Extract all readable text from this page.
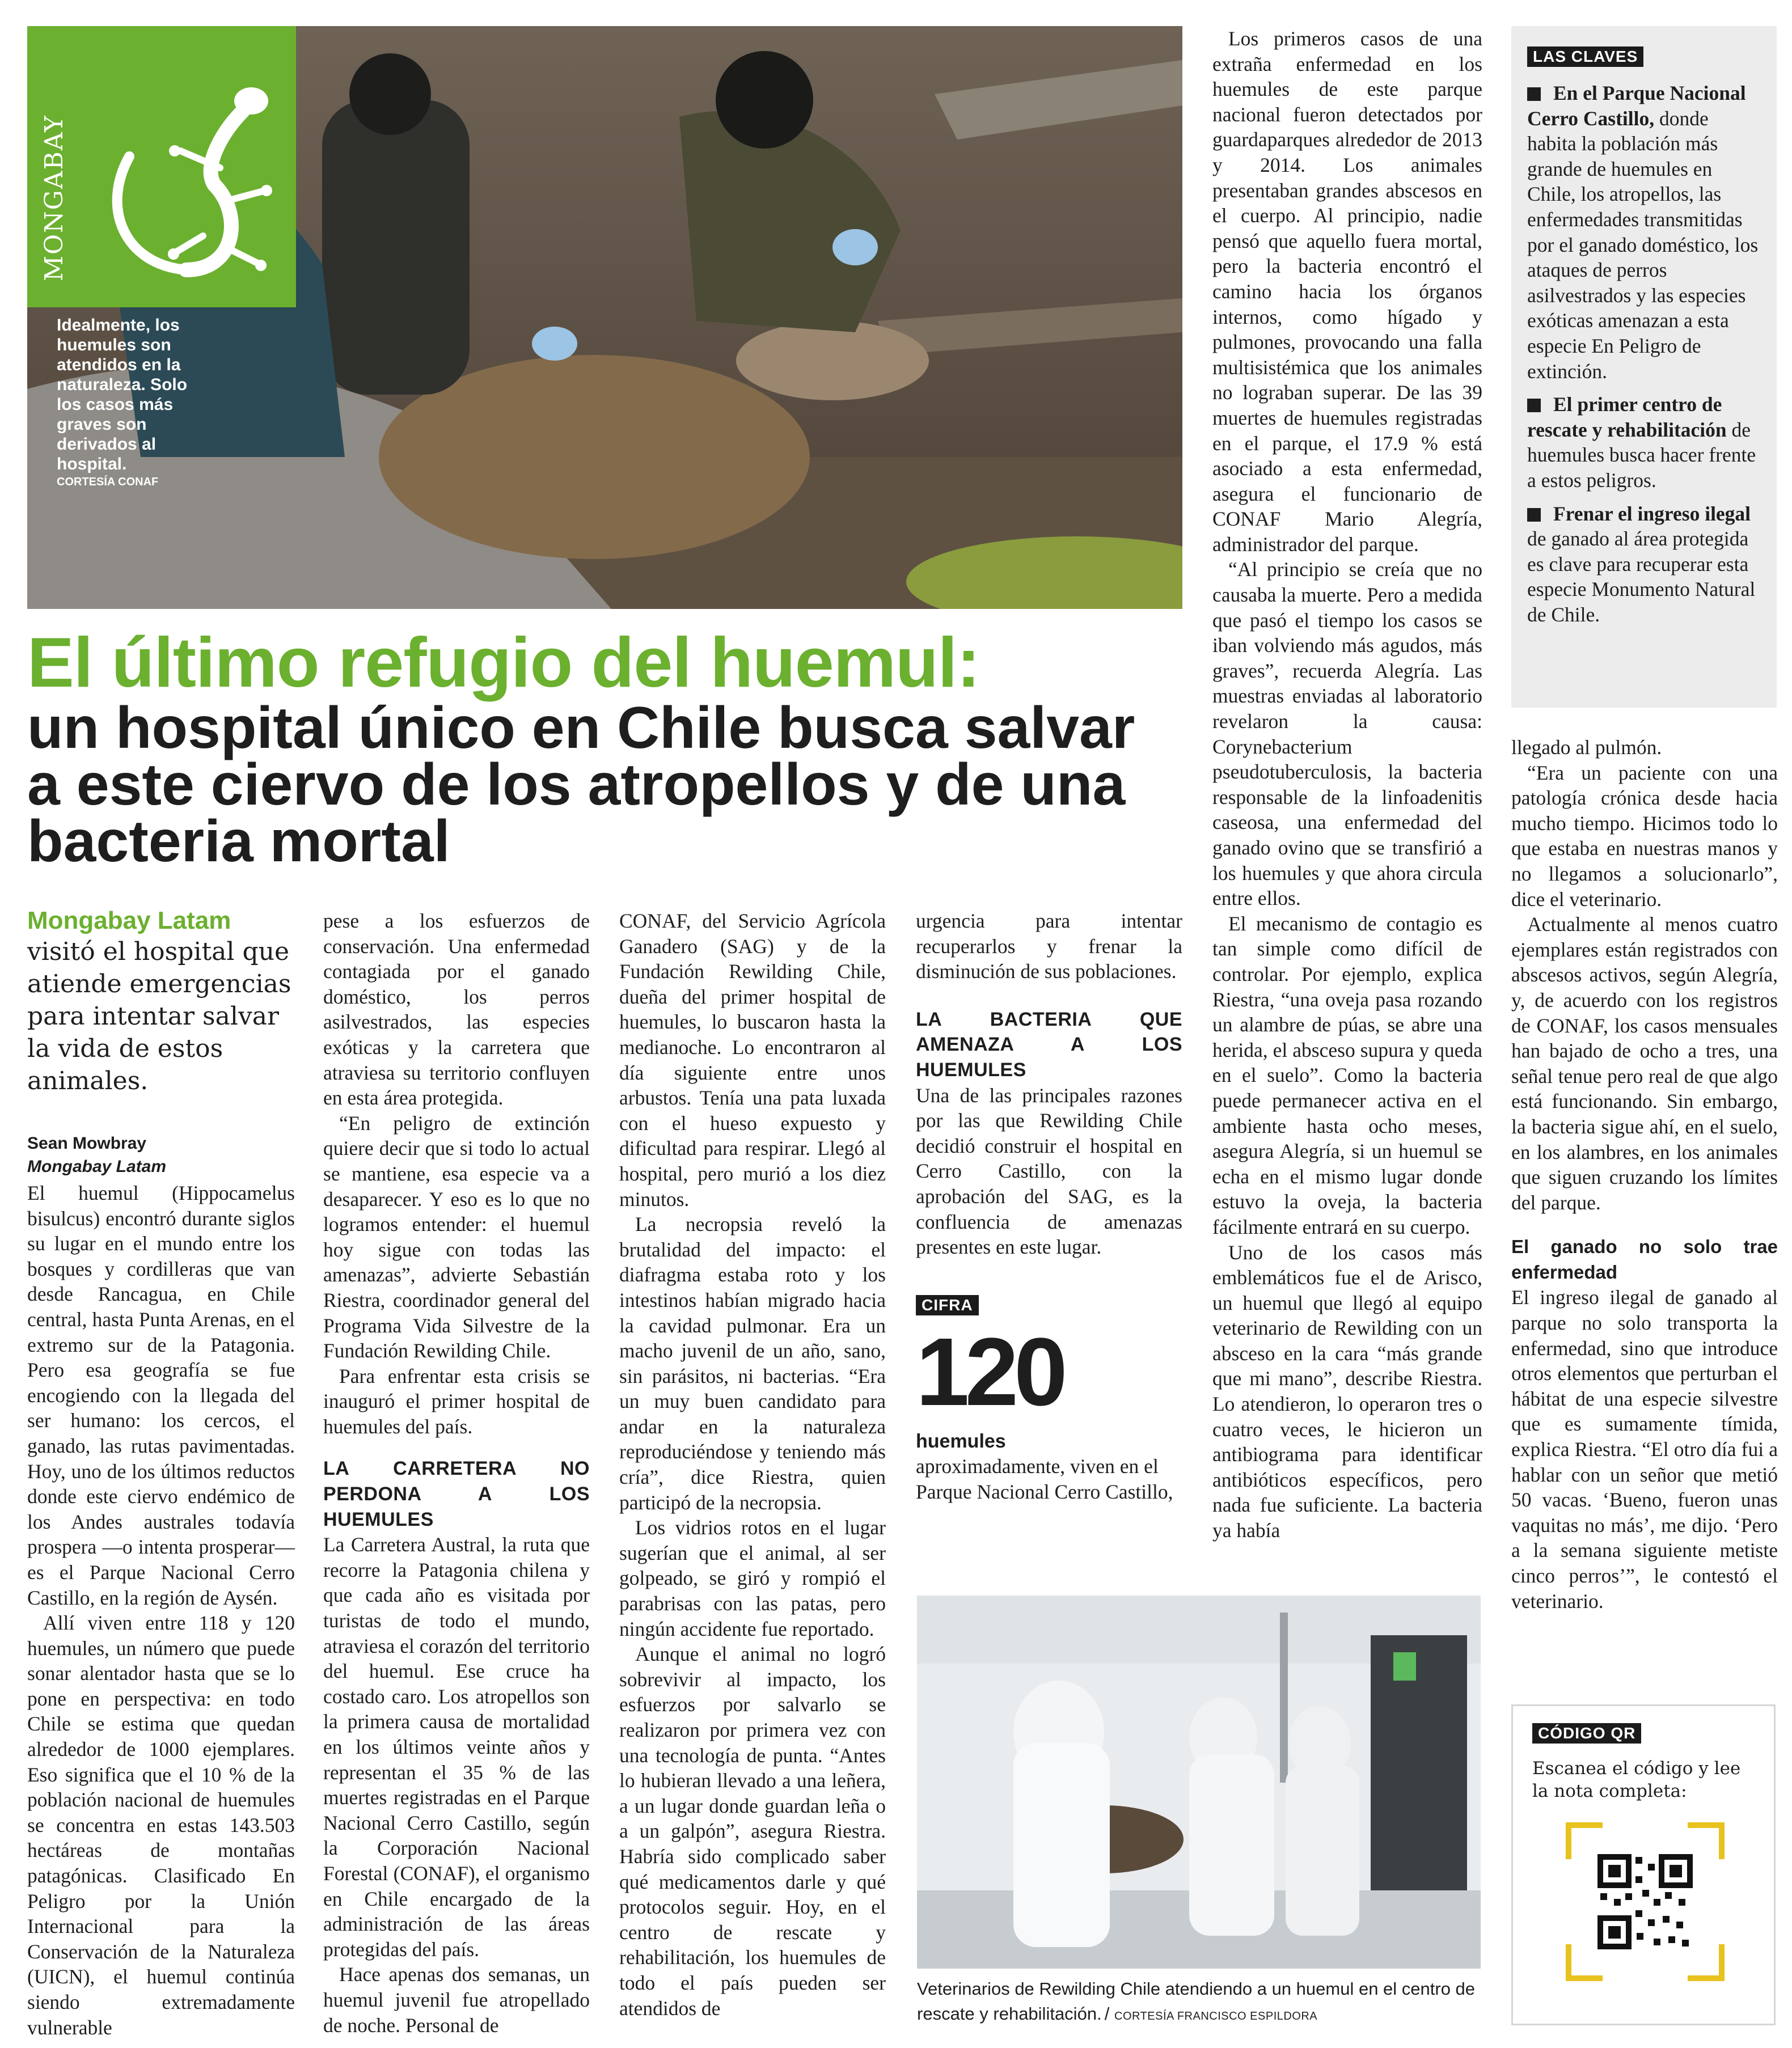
MONGABAY
Idealmente, los huemules son atendidos en la naturaleza. Solo los casos más graves son derivados al hospital.
CORTESÍA CONAF
El último refugio del huemul:
un hospital único en Chile busca salvar a este ciervo de los atropellos y de una bacteria mortal
Mongabay Latam
visitó el hospital que atiende emergencias para intentar salvar la vida de estos animales.
Sean Mowbray
Mongabay Latam

El huemul (Hippocamelus bisulcus) encontró durante siglos su lugar en el mundo entre los bosques y cordilleras que van desde Rancagua, en Chile central, hasta Punta Arenas, en el extremo sur de la Patagonia. Pero esa geografía se fue encogiendo con la llegada del ser humano: los cercos, el ganado, las rutas pavimentadas. Hoy, uno de los últimos reductos donde este ciervo endémico de los Andes australes todavía prospera —o intenta prosperar— es el Parque Nacional Cerro Castillo, en la región de Aysén.

Allí viven entre 118 y 120 huemules, un número que puede sonar alentador hasta que se lo pone en perspectiva: en todo Chile se estima que quedan alrededor de 1000 ejemplares. Eso significa que el 10 % de la población nacional de huemules se concentra en estas 143.503 hectáreas de montañas patagónicas. Clasificado En Peligro por la Unión Internacional para la Conservación de la Naturaleza (UICN), el huemul continúa siendo extremadamente vulnerable

pese a los esfuerzos de conservación. Una enfermedad contagiada por el ganado doméstico, los perros asilvestrados, las especies exóticas y la carretera que atraviesa su territorio confluyen en esta área protegida.

“En peligro de extinción quiere decir que si todo lo actual se mantiene, esa especie va a desaparecer. Y eso es lo que no logramos entender: el huemul hoy sigue con todas las amenazas”, advierte Sebastián Riestra, coordinador general del Programa Vida Silvestre de la Fundación Rewilding Chile.

Para enfrentar esta crisis se inauguró el primer hospital de huemules del país.

LA CARRETERA NO PERDONA A LOS HUEMULES

La Carretera Austral, la ruta que recorre la Patagonia chilena y que cada año es visitada por turistas de todo el mundo, atraviesa el corazón del territorio del huemul. Ese cruce ha costado caro. Los atropellos son la primera causa de mortalidad en los últimos veinte años y representan el 35 % de las muertes registradas en el Parque Nacional Cerro Castillo, según la Corporación Nacional Forestal (CONAF), el organismo en Chile encargado de la administración de las áreas protegidas del país.

Hace apenas dos semanas, un huemul juvenil fue atropellado de noche. Personal de

CONAF, del Servicio Agrícola Ganadero (SAG) y de la Fundación Rewilding Chile, dueña del primer hospital de huemules, lo buscaron hasta la medianoche. Lo encontraron al día siguiente entre unos arbustos. Tenía una pata luxada con el hueso expuesto y dificultad para respirar. Llegó al hospital, pero murió a los diez minutos.

La necropsia reveló la brutalidad del impacto: el diafragma estaba roto y los intestinos habían migrado hacia la cavidad pulmonar. Era un macho juvenil de un año, sano, sin parásitos, ni bacterias. “Era un muy buen candidato para andar en la naturaleza reproduciéndose y teniendo más cría”, dice Riestra, quien participó de la necropsia.

Los vidrios rotos en el lugar sugerían que el animal, al ser golpeado, se giró y rompió el parabrisas con las patas, pero ningún accidente fue reportado.

Aunque el animal no logró sobrevivir al impacto, los esfuerzos por salvarlo se realizaron por primera vez con una tecnología de punta. “Antes lo hubieran llevado a una leñera, a un lugar donde guardan leña o a un galpón”, asegura Riestra. Habría sido complicado saber qué medicamentos darle y qué protocolos seguir. Hoy, en el centro de rescate y rehabilitación, los huemules de todo el país pueden ser atendidos de

urgencia para intentar recuperarlos y frenar la disminución de sus poblaciones.

LA BACTERIA QUE AMENAZA A LOS HUEMULES

Una de las principales razones por las que Rewilding Chile decidió construir el hospital en Cerro Castillo, con la aprobación del SAG, es la confluencia de amenazas presentes en este lugar.

CIFRA
120
huemules
aproximadamente, viven en el Parque Nacional Cerro Castillo,
Veterinarios de Rewilding Chile atendiendo a un huemul en el centro de rescate y rehabilitación. / CORTESÍA FRANCISCO ESPILDORA

Los primeros casos de una extraña enfermedad en los huemules de este parque nacional fueron detectados por guardaparques alrededor de 2013 y 2014. Los animales presentaban grandes abscesos en el cuerpo. Al principio, nadie pensó que aquello fuera mortal, pero la bacteria encontró el camino hacia los órganos internos, como hígado y pulmones, provocando una falla multisistémica que los animales no lograban superar. De las 39 muertes de huemules registradas en el parque, el 17.9 % está asociado a esta enfermedad, asegura el funcionario de CONAF Mario Alegría, administrador del parque.

“Al principio se creía que no causaba la muerte. Pero a medida que pasó el tiempo los casos se iban volviendo más agudos, más graves”, recuerda Alegría. Las muestras enviadas al laboratorio revelaron la causa: Corynebacterium pseudotuberculosis, la bacteria responsable de la linfoadenitis caseosa, una enfermedad del ganado ovino que se transfirió a los huemules y que ahora circula entre ellos.

El mecanismo de contagio es tan simple como difícil de controlar. Por ejemplo, explica Riestra, “una oveja pasa rozando un alambre de púas, se abre una herida, el absceso supura y queda en el suelo”. Como la bacteria puede permanecer activa en el ambiente hasta ocho meses, asegura Alegría, si un huemul se echa en el mismo lugar donde estuvo la oveja, la bacteria fácilmente entrará en su cuerpo.

Uno de los casos más emblemáticos fue el de Arisco, un huemul que llegó al equipo veterinario de Rewilding con un absceso en la cara “más grande que mi mano”, describe Riestra. Lo atendieron, lo operaron tres o cuatro veces, le hicieron un antibiograma para identificar antibióticos específicos, pero nada fue suficiente. La bacteria ya había

LAS CLAVES
En el Parque Nacional Cerro Castillo, donde habita la población más grande de huemules en Chile, los atropellos, las enfermedades transmitidas por el ganado doméstico, los ataques de perros asilvestrados y las especies exóticas amenazan a esta especie En Peligro de extinción.
El primer centro de rescate y rehabilitación de huemules busca hacer frente a estos peligros.
Frenar el ingreso ilegal de ganado al área protegida es clave para recuperar esta especie Monumento Natural de Chile.

llegado al pulmón.

“Era un paciente con una patología crónica desde hacia mucho tiempo. Hicimos todo lo que estaba en nuestras manos y no llegamos a solucionarlo”, dice el veterinario.

Actualmente al menos cuatro ejemplares están registrados con abscesos activos, según Alegría, y, de acuerdo con los registros de CONAF, los casos mensuales han bajado de ocho a tres, una señal tenue pero real de que algo está funcionando. Sin embargo, la bacteria sigue ahí, en el suelo, en los alambres, en los animales que siguen cruzando los límites del parque.

El ganado no solo trae enfermedad

El ingreso ilegal de ganado al parque no solo transporta la enfermedad, sino que introduce otros elementos que perturban el hábitat de una especie silvestre que es sumamente tímida, explica Riestra. “El otro día fui a hablar con un señor que metió 50 vacas. ‘Bueno, fueron unas vaquitas no más’, me dijo. ‘Pero a la semana siguiente metiste cinco perros’”, le contestó el veterinario.

CÓDIGO QR
Escanea el código y lee la nota completa:
